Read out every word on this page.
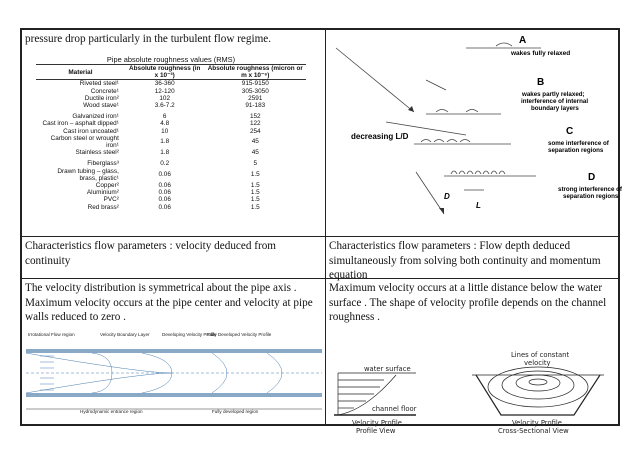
pressure drop particularly in the turbulent flow regime.
Pipe absolute roughness values (RMS)
Material	Absolute roughness (in x 10⁻³)	Absolute roughness (micron or m x 10⁻⁶)
Riveted steel¹	36-360	915-9150
Concrete¹	12-120	305-3050
Ductile iron²	102	2591
Wood stave¹	3.6-7.2	91-183

Galvanized iron¹	6	152
Cast iron – asphalt dipped¹	4.8	122
Cast iron uncoated¹	10	254
Carbon steel or wrought iron¹	1.8	45
Stainless steel²	1.8	45

Fiberglass³	0.2	5
Drawn tubing – glass, brass, plastic¹	0.06	1.5
Copper²	0.06	1.5
Aluminium²	0.06	1.5
PVC²	0.06	1.5
Red brass²	0.06	1.5
A
wakes fully relaxed
B
wakes partly relaxed;
interference of internal
boundary layers
decreasing L/D	C
some interference of
separation regions
D
strong interference of
separation regions
D
L
Characteristics flow parameters : velocity deduced from continuity
Characteristics flow parameters : Flow depth deduced simultaneously from solving both continuity and momentum equation
The velocity distribution is symmetrical about the pipe axis . Maximum velocity occurs at the pipe center and velocity at pipe walls reduced to zero .
Irrotational Flow region	Velocity Boundary Layer	Developing Velocity Profile
Fully Developed Velocity Profile
Hydrodynamic entrance region	Fully developed region
Maximum velocity occurs at a little distance below the water surface . The shape of velocity profile depends on the channel roughness .
water surface
channel floor
Velocity Profile
Profile View
Lines of constant
velocity
Velocity Profile
Cross-Sectional View
